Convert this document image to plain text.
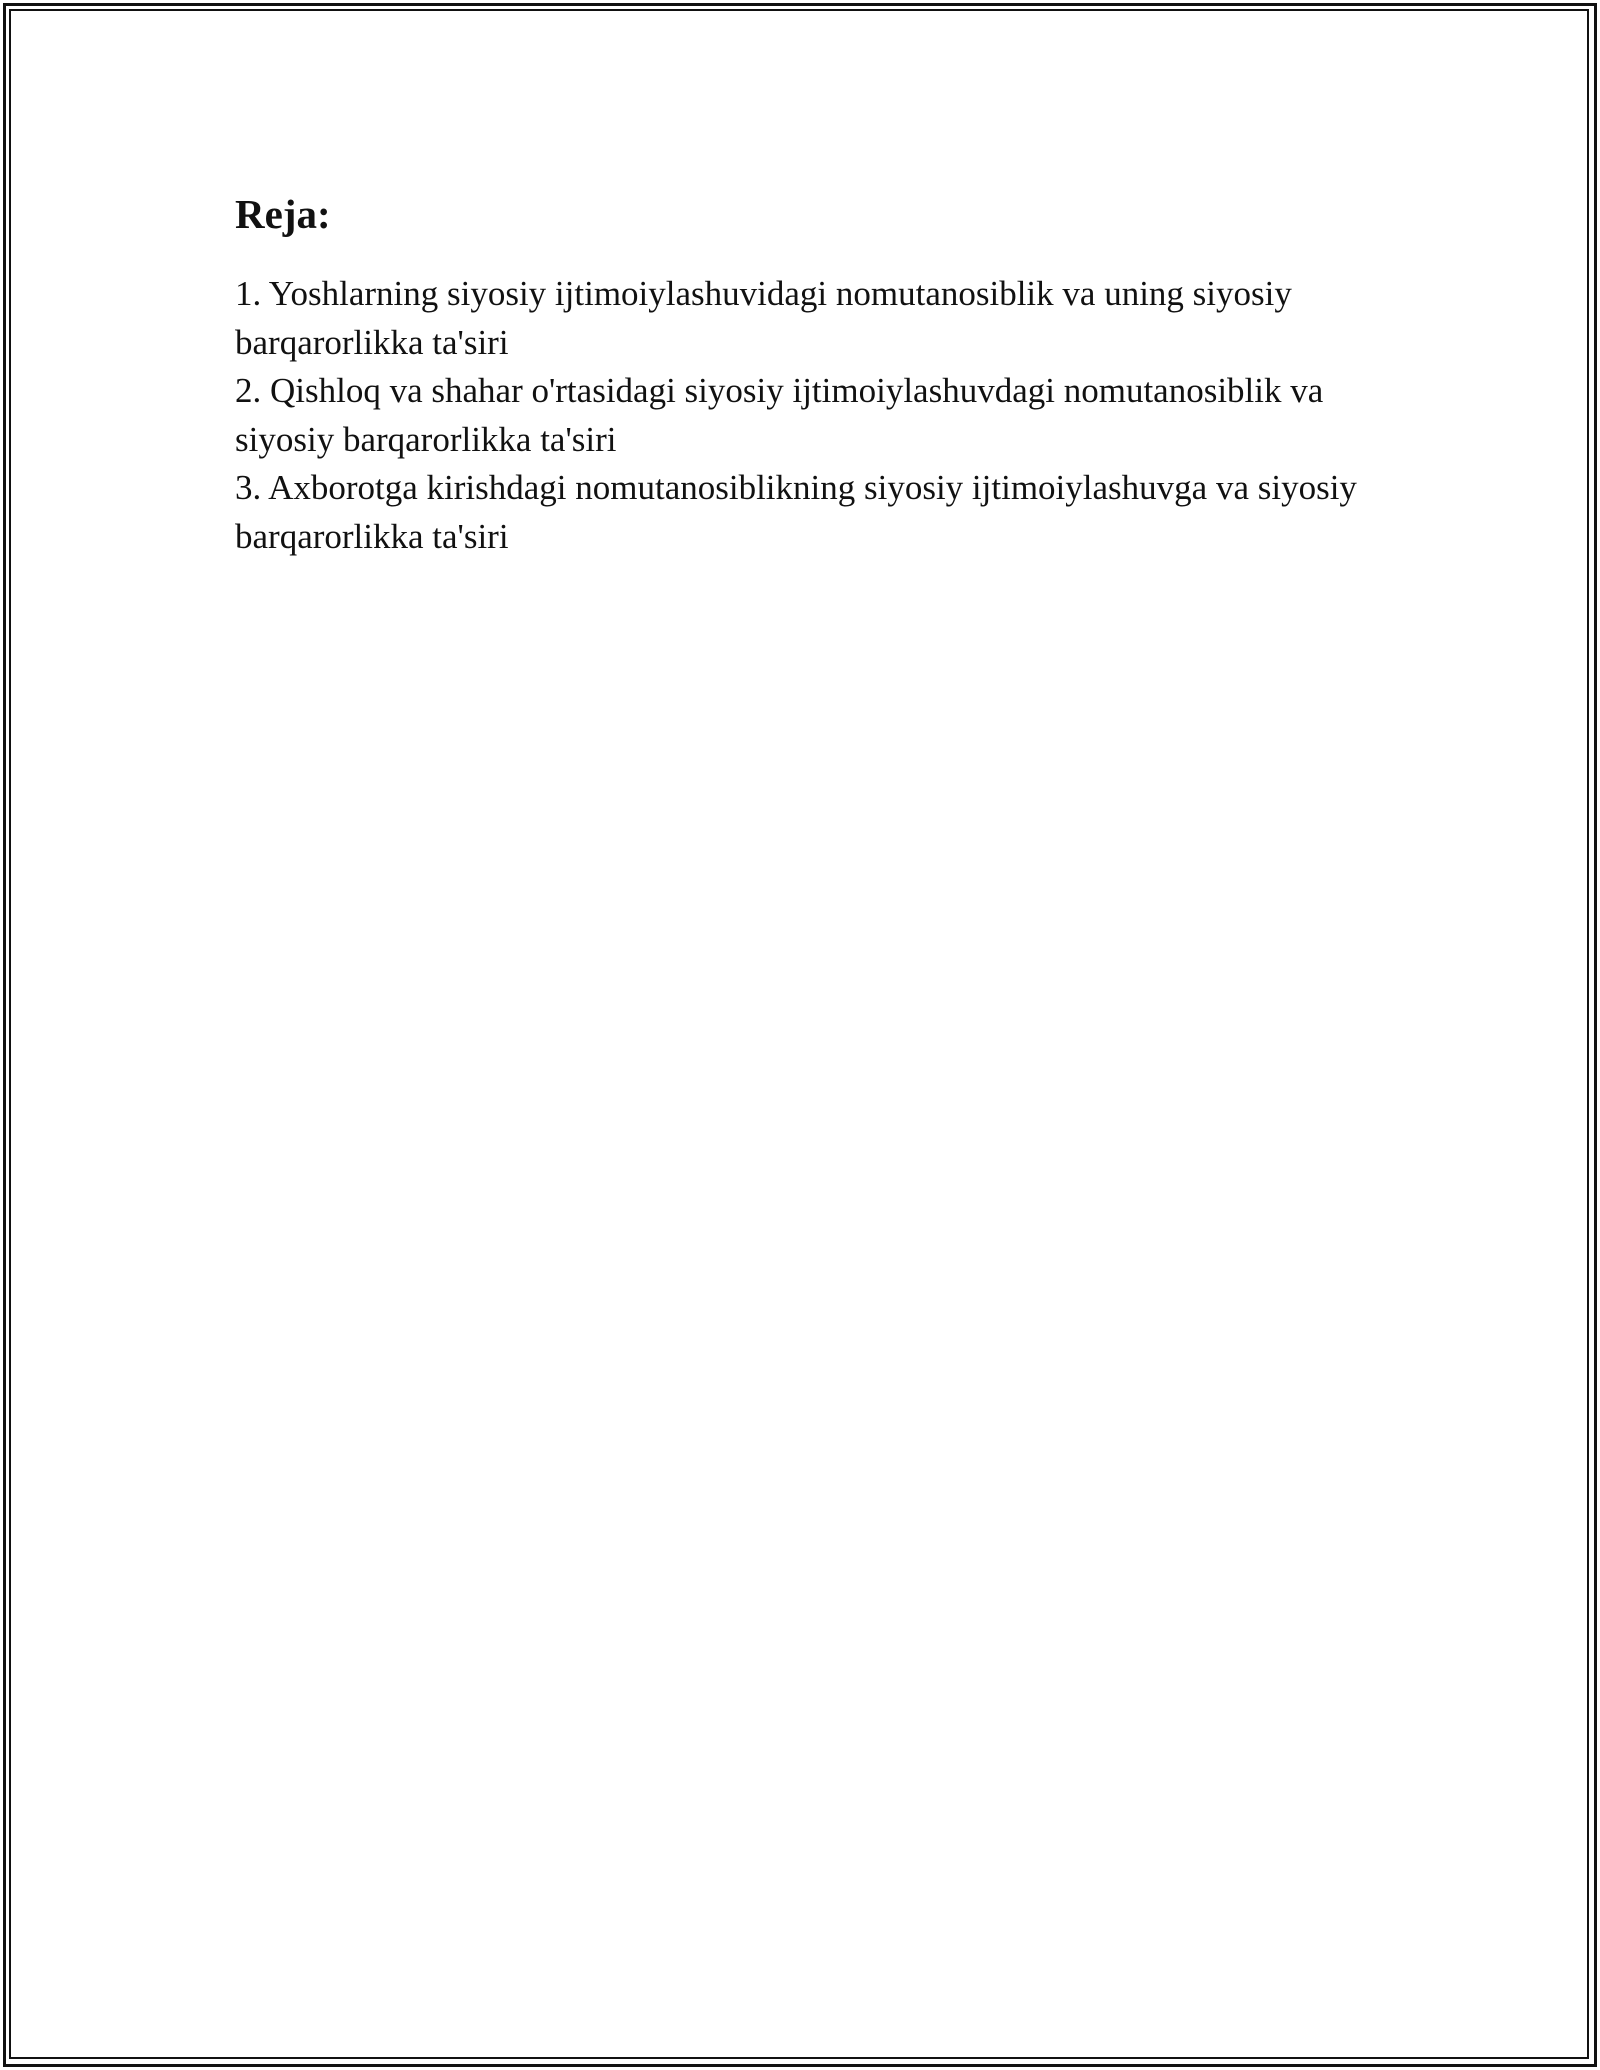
Reja:
1. Yoshlarning siyosiy ijtimoiylashuvidagi nomutanosiblik va uning siyosiy barqarorlikka ta'siri
2. Qishloq va shahar o'rtasidagi siyosiy ijtimoiylashuvdagi nomutanosiblik va siyosiy barqarorlikka ta'siri
3. Axborotga kirishdagi nomutanosiblikning siyosiy ijtimoiylashuvga va siyosiy barqarorlikka ta'siri
